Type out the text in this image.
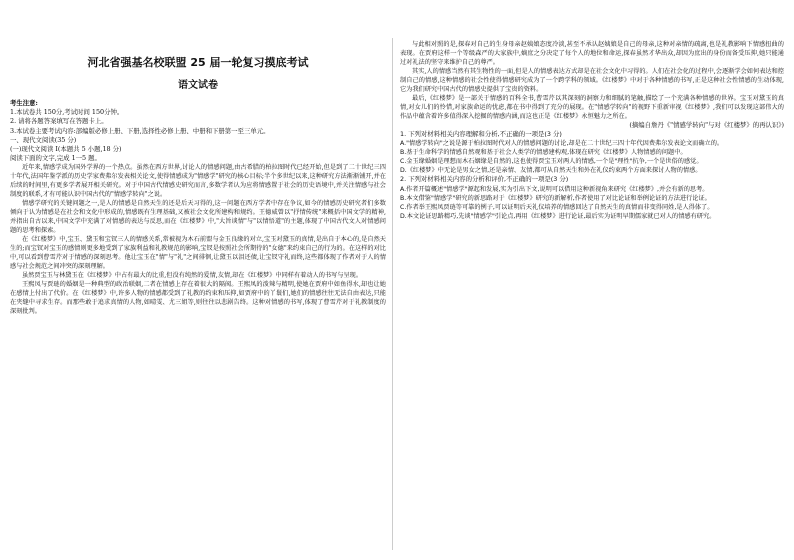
河北省强基名校联盟 25 届一轮复习摸底考试
语文试卷

考生注意:

1.本试卷共 150分,考试时间 150分钟。

2. 请将各题答案填写在答题卡上。

3.本试卷主要考试内容:部编版必修上册、下册,选择性必修上册、中册和下册第一至三单元。

一、现代文阅读(35 分)

(一)现代文阅读 I(本题共 5 小题,18 分)

阅读下面的文字,完成 1一5 题。

近年来,情感学成为国外学界的一个热点。虽然在西方世界,讨论人的情感问题,由古希腊的柏拉图时代已经开始,但是到了二十世纪三四十年代,法国年鉴学派的历史学家费弗尔发表相关论文,使得情感成为"情感学"研究的核心目标;半个多世纪以来,这种研究方法渐渐铺开,并在后续的时间里,有更多学者展开相关研究。对于中国古代情感史研究而言,多数学者认为应将情感置于社会的历史语境中,并关注情感与社会制度的联系,才有可能认识中国古代的"情感学转向"之说。

情感学研究的关键问题之一,是人的情感是自然天生的还是后天习得的,这一问题在西方学者中存在争议,如今的情感历史研究者们多数倾向于认为情感是在社会和文化中形成的,情感既有生理基础,又被社会文化所建构和规约。王德威曾以"抒情传统"来概括中国文学的精神,并指出自古以来,中国文学中充满了对情感的表达与反思,而在《红楼梦》中,"大旨谈情"与"以情悟道"的主题,体现了中国古代文人对情感问题的思考和探索。

在《红楼梦》中,宝玉、黛玉和宝钗三人的情感关系,常被视为木石前盟与金玉良缘的对立,宝玉对黛玉的真情,是出自于本心的,是自然天生的;而宝钗对宝玉的感情则更多地受到了家族利益和礼教规范的影响,宝钗是按照社会所期待的"女德"来约束自己的行为的。在这样的对比中,可以看到曹雪芹对于情感的深刻思考。他让宝玉在"情"与"礼"之间徘徊,让黛玉以泪还债,让宝钗守礼而终,这些都体现了作者对于人的情感与社会规范之间冲突的深刻理解。

虽然贾宝玉与林黛玉在《红楼梦》中占有最大的比重,但没有纯然的爱情,友情,却在《红楼梦》中同样有着动人的书写与呈现。

王熙凤与贾琏的婚姻是一种典型的政治联姻,二者在情感上存在着很大的隔阂。王熙凤的泼辣与精明,使她在贾府中如鱼得水,却也让她在感情上付出了代价。在《红楼梦》中,许多人物的情感都受到了礼教的约束和压抑,如贾府中的丫鬟们,她们的情感往往无法自由表达,只能在夹缝中寻求生存。而那些敢于追求真情的人物,如晴雯、尤三姐等,则往往以悲剧告终。这种对情感的书写,体现了曹雪芹对于礼教制度的深刻批判。

与此相对照的是,探春对自己的生身母亲赵姨娘态度冷淡,甚至不承认赵姨娘是自己的母亲,这种对亲情的疏离,也是礼教影响下情感扭曲的表现。在贾府这样一个等级森严的大家族中,嫡庶之分决定了每个人的地位和命运,探春虽然才华出众,却因为庶出的身份而备受压抑,她只能通过对礼法的坚守来维护自己的尊严。

其实,人的情感当然有其生物性的一面,但是人的情感表达方式却是在社会文化中习得的。人们在社会化的过程中,会逐渐学会如何表达和控制自己的情感,这种情感的社会性使得情感研究成为了一个跨学科的领域。《红楼梦》中对于各种情感的书写,正是这种社会性情感的生动体现,它为我们研究中国古代的情感史提供了宝贵的资料。

最后,《红楼梦》是一部关于情感的百科全书,曹雪芹以其深刻的洞察力和细腻的笔触,描绘了一个充满各种情感的世界。宝玉对黛玉的真情,对女儿们的怜惜,对家族命运的忧虑,都在书中得到了充分的展现。在"情感学转向"的视野下重新审视《红楼梦》,我们可以发现这部伟大的作品中蕴含着许多值得深入挖掘的情感内涵,而这也正是《红楼梦》永恒魅力之所在。

(摘编自詹丹《"情感学转向"与对《红楼梦》的再认识》)

1. 下列对材料相关内容理解和分析,不正确的一项是(3 分)

A."情感学转向"之说是源于柏拉图时代对人的情感问题的讨论,却是在二十世纪三四十年代因费弗尔发表论文而确立的。

B.基于生命科学的情感自然观和基于社会人类学的情感建构观,体现在研究《红楼梦》人物情感的问题中。

C.金玉缘婚姻是理想而木石姻缘是自然的,这也使得贾宝玉对两人的情感,一个是"理性"抗争,一个是世俗的感觉。

D.《红楼梦》中无论是男女之情,还是亲情、友情,都可从自然天生和外在礼仪约束两个方面来探讨人物的情感。

2. 下列对材料相关内容的分析和评价,不正确的一项是(3 分)

A.作者开篇概述"情感学"源起和发展,实为引出下文,说明可以借用这种新视角来研究《红楼梦》,并会有新的思考。

B.本文借鉴"情感学"研究的新思路对于《红楼梦》研究的新解析,作者使用了对比论证和举例论证的方法进行论证。

C.作者举王熙凤贾琏等可靠的例子,可以证明后天礼仪培养的情感回达了自然天生的真情而非变得同姓,是人得体了。

D.本文论证思路精巧,先谈"情感学"引论点,再用《红楼梦》进行论证,最后实为证明早期儒家就已对人的情感有研究。
